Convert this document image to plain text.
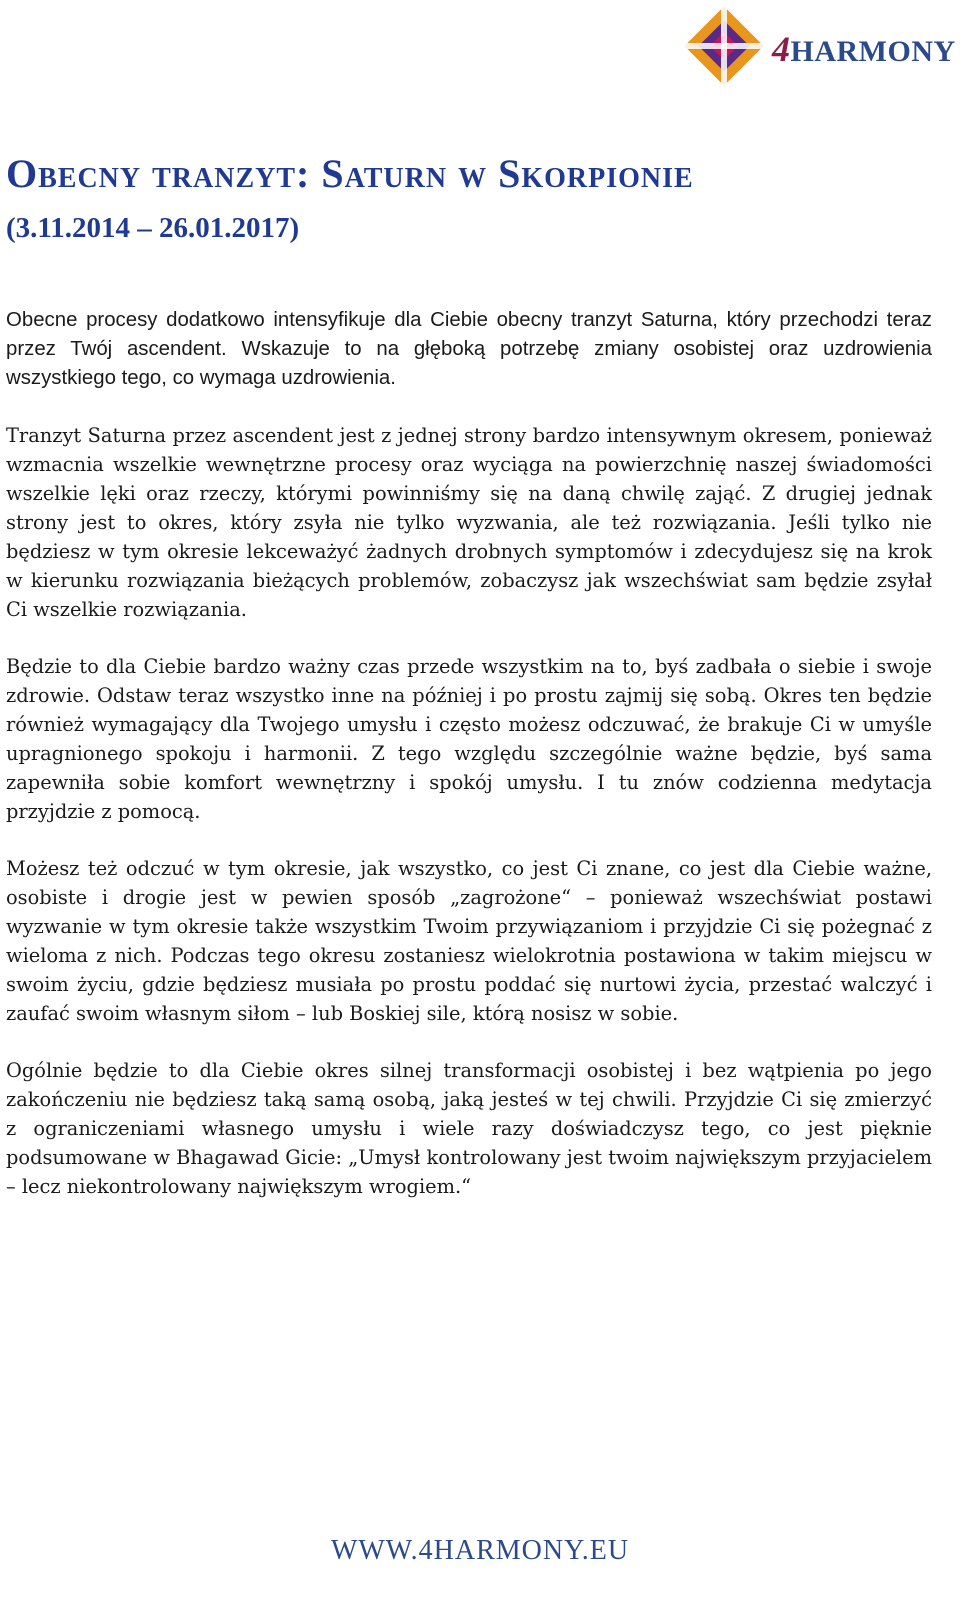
4HARMONY
Obecny tranzyt: Saturn w Skorpionie
(3.11.2014 – 26.01.2017)

Obecne procesy dodatkowo intensyfikuje dla Ciebie obecny tranzyt Saturna, który przechodzi teraz przez Twój ascendent. Wskazuje to na głęboką potrzebę zmiany osobistej oraz uzdrowienia wszystkiego tego, co wymaga uzdrowienia.

Tranzyt Saturna przez ascendent jest z jednej strony bardzo intensywnym okresem, ponieważ wzmacnia wszelkie wewnętrzne procesy oraz wyciąga na powierzchnię naszej świadomości wszelkie lęki oraz rzeczy, którymi powinniśmy się na daną chwilę zająć. Z drugiej jednak strony jest to okres, który zsyła nie tylko wyzwania, ale też rozwiązania. Jeśli tylko nie będziesz w tym okresie lekceważyć żadnych drobnych symptomów i zdecydujesz się na krok w kierunku rozwiązania bieżących problemów, zobaczysz jak wszechświat sam będzie zsyłał Ci wszelkie rozwiązania.

Będzie to dla Ciebie bardzo ważny czas przede wszystkim na to, byś zadbała o siebie i swoje zdrowie. Odstaw teraz wszystko inne na później i po prostu zajmij się sobą. Okres ten będzie również wymagający dla Twojego umysłu i często możesz odczuwać, że brakuje Ci w umyśle upragnionego spokoju i harmonii. Z tego względu szczególnie ważne będzie, byś sama zapewniła sobie komfort wewnętrzny i spokój umysłu. I tu znów codzienna medytacja przyjdzie z pomocą.

Możesz też odczuć w tym okresie, jak wszystko, co jest Ci znane, co jest dla Ciebie ważne, osobiste i drogie jest w pewien sposób „zagrożone“ – ponieważ wszechświat postawi wyzwanie w tym okresie także wszystkim Twoim przywiązaniom i przyjdzie Ci się pożegnać z wieloma z nich. Podczas tego okresu zostaniesz wielokrotnia postawiona w takim miejscu w swoim życiu, gdzie będziesz musiała po prostu poddać się nurtowi życia, przestać walczyć i zaufać swoim własnym siłom – lub Boskiej sile, którą nosisz w sobie.

Ogólnie będzie to dla Ciebie okres silnej transformacji osobistej i bez wątpienia po jego zakończeniu nie będziesz taką samą osobą, jaką jesteś w tej chwili. Przyjdzie Ci się zmierzyć z ograniczeniami własnego umysłu i wiele razy doświadczysz tego, co jest pięknie podsumowane w Bhagawad Gicie: „Umysł kontrolowany jest twoim największym przyjacielem – lecz niekontrolowany największym wrogiem.“

WWW.4HARMONY.EU
